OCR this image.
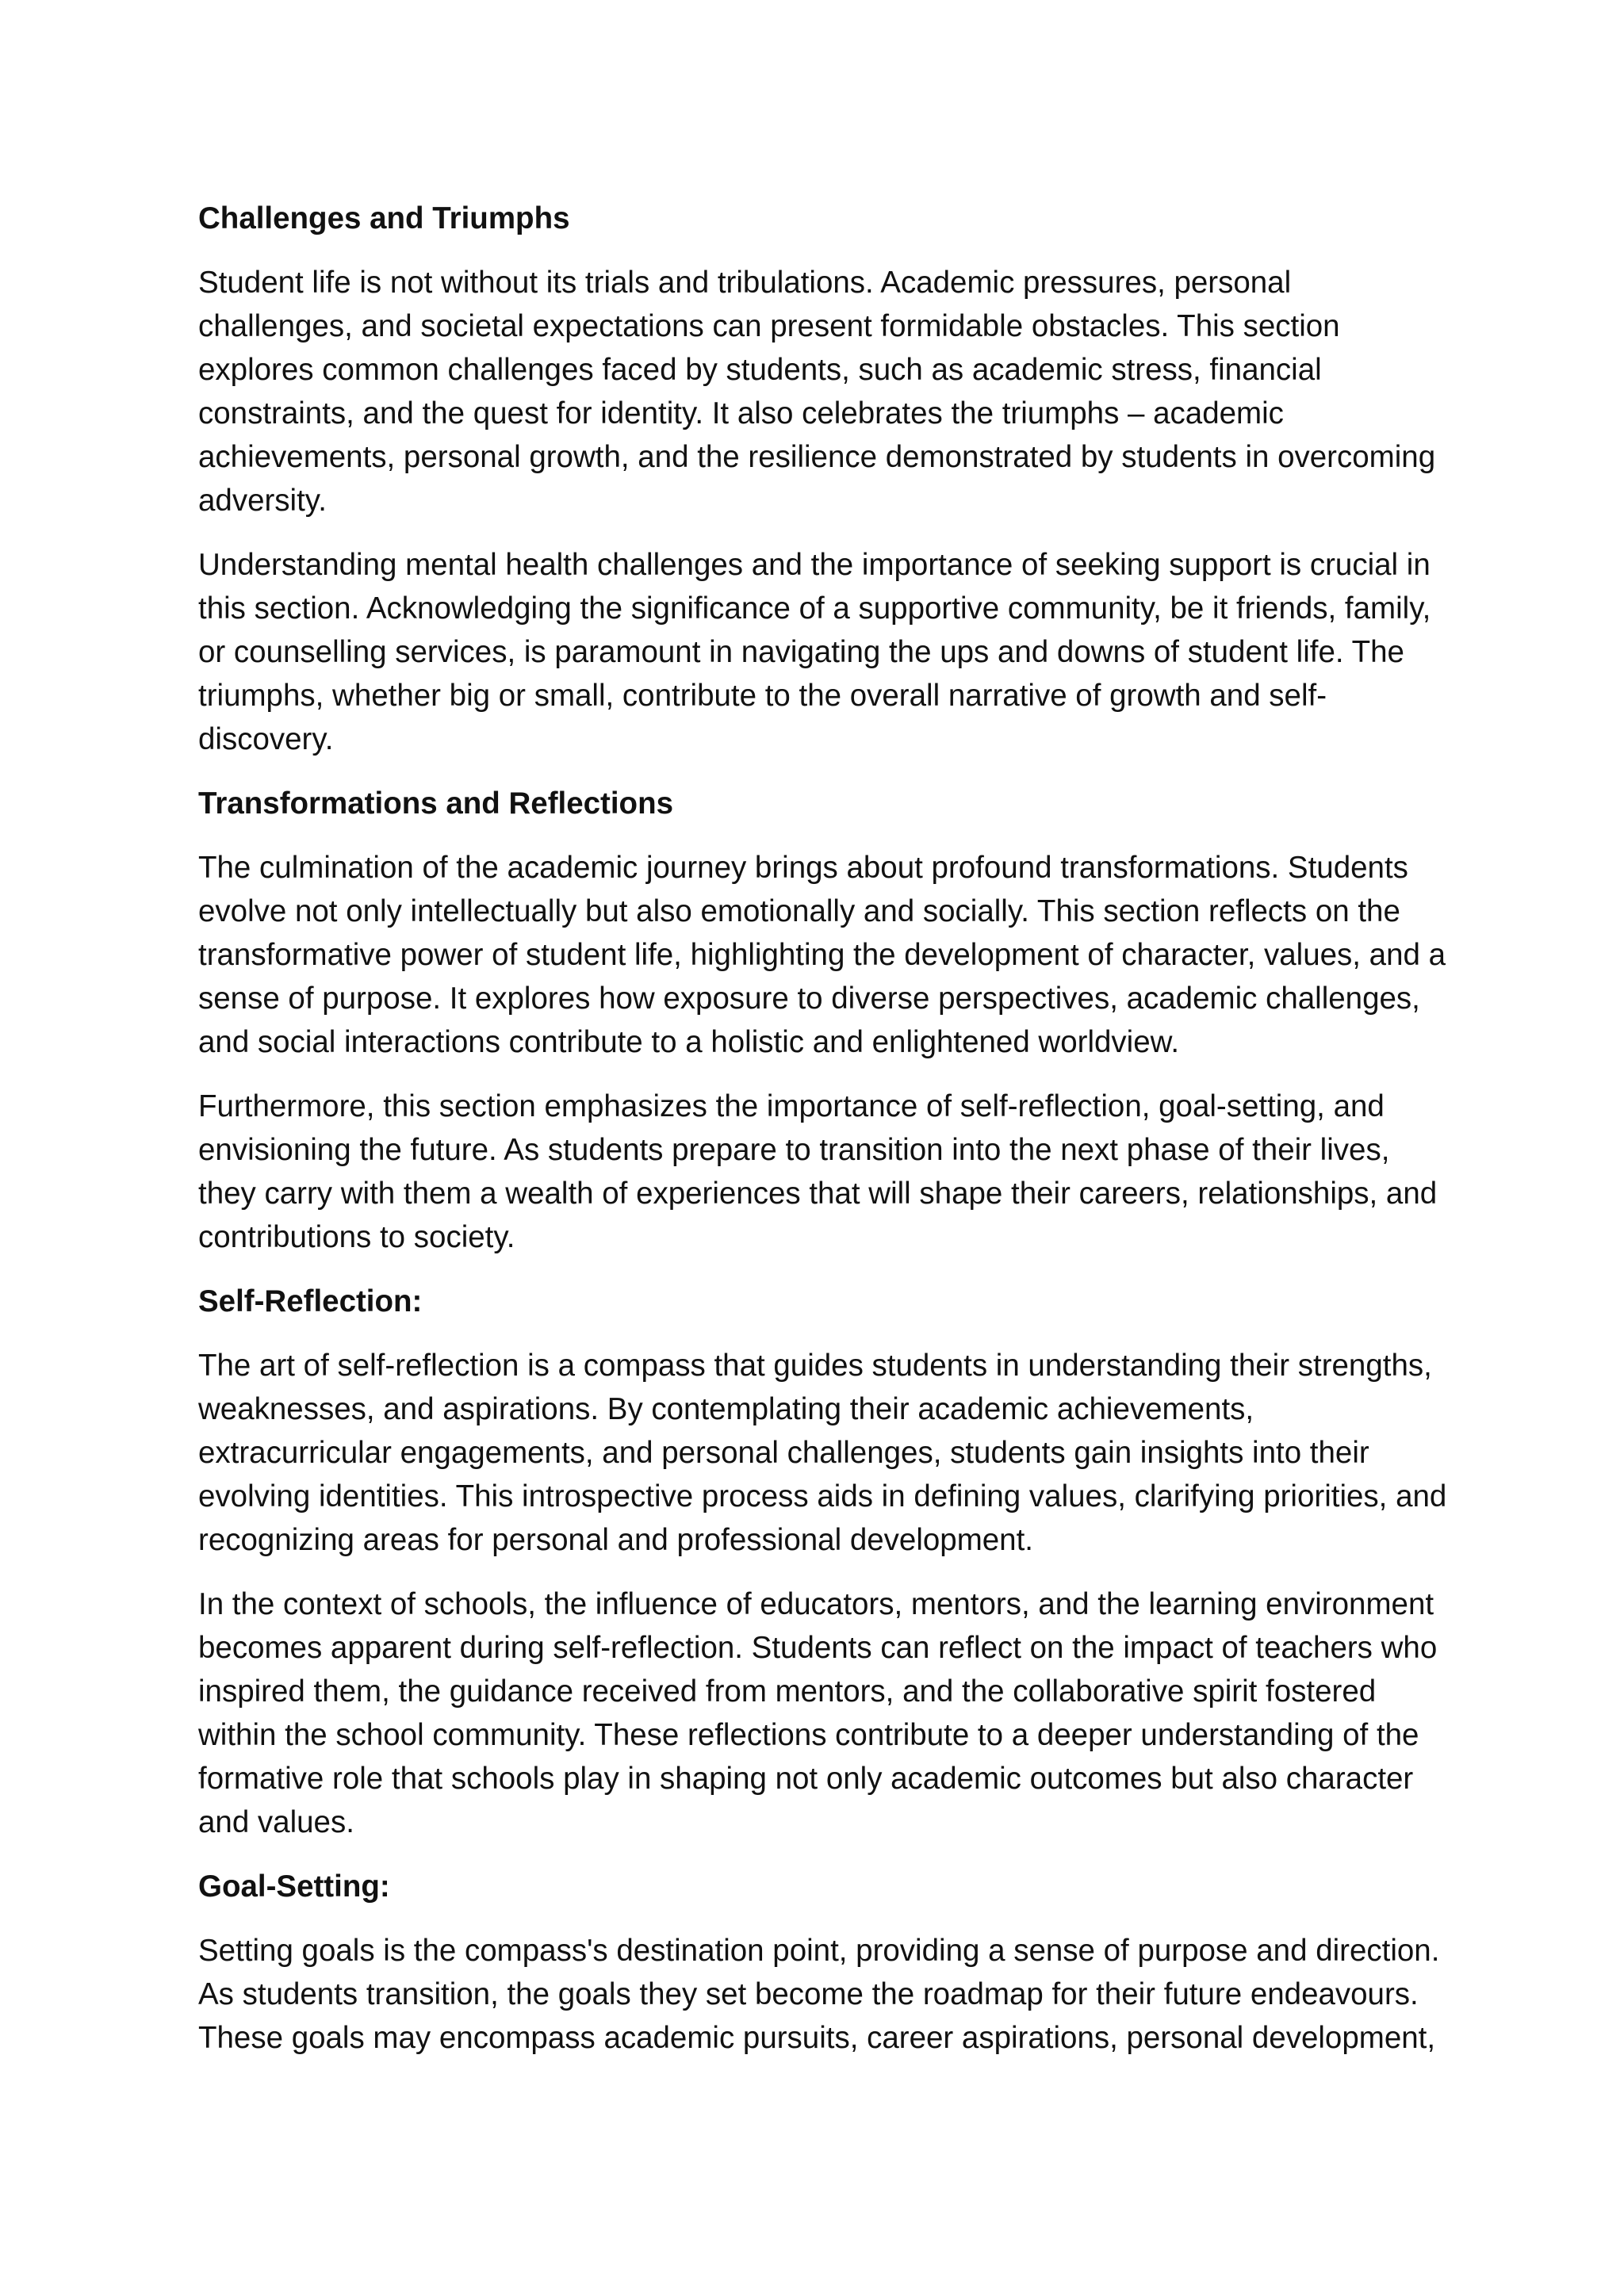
Challenges and Triumphs

Student life is not without its trials and tribulations. Academic pressures, personal challenges, and societal expectations can present formidable obstacles. This section explores common challenges faced by students, such as academic stress, financial constraints, and the quest for identity. It also celebrates the triumphs – academic achievements, personal growth, and the resilience demonstrated by students in overcoming adversity.

Understanding mental health challenges and the importance of seeking support is crucial in this section. Acknowledging the significance of a supportive community, be it friends, family, or counselling services, is paramount in navigating the ups and downs of student life. The triumphs, whether big or small, contribute to the overall narrative of growth and self-discovery.

Transformations and Reflections

The culmination of the academic journey brings about profound transformations. Students evolve not only intellectually but also emotionally and socially. This section reflects on the transformative power of student life, highlighting the development of character, values, and a sense of purpose. It explores how exposure to diverse perspectives, academic challenges, and social interactions contribute to a holistic and enlightened worldview.

Furthermore, this section emphasizes the importance of self-reflection, goal-setting, and envisioning the future. As students prepare to transition into the next phase of their lives, they carry with them a wealth of experiences that will shape their careers, relationships, and contributions to society.

Self-Reflection:

The art of self-reflection is a compass that guides students in understanding their strengths, weaknesses, and aspirations. By contemplating their academic achievements, extracurricular engagements, and personal challenges, students gain insights into their evolving identities. This introspective process aids in defining values, clarifying priorities, and recognizing areas for personal and professional development.

In the context of schools, the influence of educators, mentors, and the learning environment becomes apparent during self-reflection. Students can reflect on the impact of teachers who inspired them, the guidance received from mentors, and the collaborative spirit fostered within the school community. These reflections contribute to a deeper understanding of the formative role that schools play in shaping not only academic outcomes but also character and values.

Goal-Setting:

Setting goals is the compass's destination point, providing a sense of purpose and direction. As students transition, the goals they set become the roadmap for their future endeavours. These goals may encompass academic pursuits, career aspirations, personal development,
